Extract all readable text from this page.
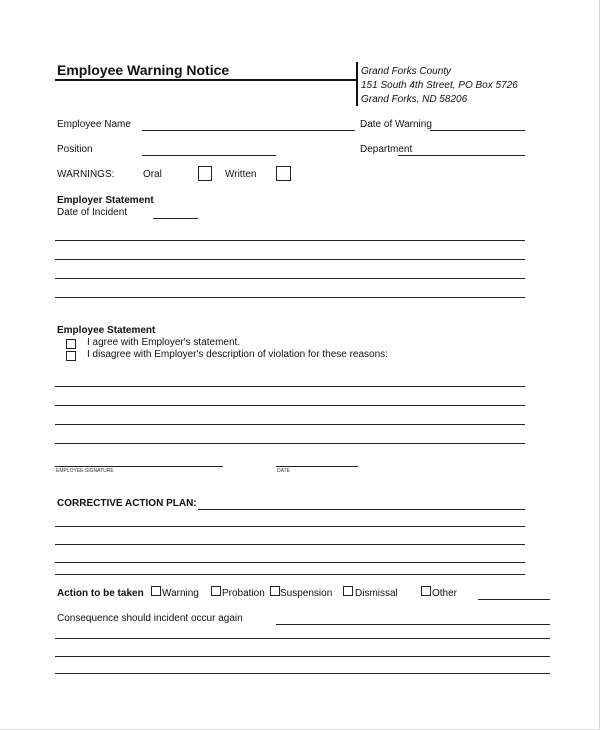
Employee Warning Notice	Grand Forks County
151 South 4th Street, PO Box 5726
Grand Forks, ND 58206
Employee Name	Date of Warning
Position	Department
WARNINGS:	Oral	Written
Employer Statement
Date of Incident
Employee Statement
I agree with Employer's statement.
I disagree with Employer's description of violation for these reasons:
EMPLOYEE SIGNATURE	DATE
CORRECTIVE ACTION PLAN:
Action to be taken Warning Probation Suspension Dismissal	Other
Consequence should incident occur again
